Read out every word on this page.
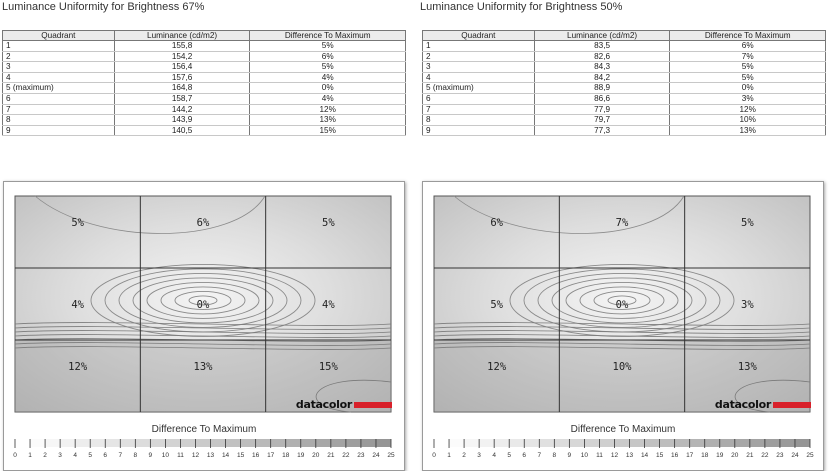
Luminance Uniformity for Brightness 67%	Luminance Uniformity for Brightness 50%
Quadrant	Luminance (cd/m2)	Difference To Maximum
1	155,8	5%
2	154,2	6%
3	156,4	5%
4	157,6	4%
5 (maximum)	164,8	0%
6	158,7	4%
7	144,2	12%
8	143,9	13%
9	140,5	15%
Quadrant	Luminance (cd/m2)	Difference To Maximum
1	83,5	6%
2	82,6	7%
3	84,3	5%
4	84,2	5%
5 (maximum)	88,9	0%
6	86,6	3%
7	77,9	12%
8	79,7	10%
9	77,3	13%
5%	6%	5%
4%	0%	4%
12%	13%	15%
0 1 2 3 4 5 6 7 8 9 10 11 12 13 14 15 16 17 18 19 20 21 22 23 24 25
datacolor
Difference To Maximum
6%	7%	5%
5%	0%	3%
12%	10%	13%
0 1 2 3 4 5 6 7 8 9 10 11 12 13 14 15 16 17 18 19 20 21 22 23 24 25
datacolor
Difference To Maximum
